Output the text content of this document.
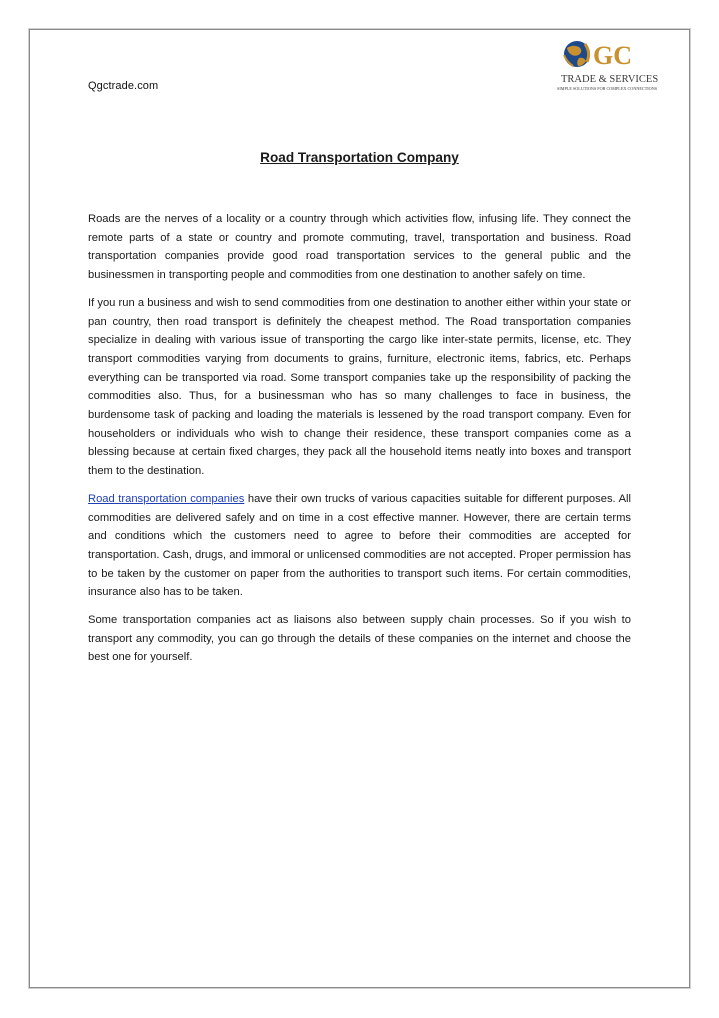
Qgctrade.com
GC
TRADE & SERVICES
SIMPLE SOLUTIONS FOR COMPLEX CONNECTIONS
Road Transportation Company

Roads are the nerves of a locality or a country through which activities flow, infusing life. They connect the remote parts of a state or country and promote commuting, travel, transportation and business. Road transportation companies provide good road transportation services to the general public and the businessmen in transporting people and commodities from one destination to another safely on time.

If you run a business and wish to send commodities from one destination to another either within your state or pan country, then road transport is definitely the cheapest method. The Road transportation companies specialize in dealing with various issue of transporting the cargo like inter-state permits, license, etc. They transport commodities varying from documents to grains, furniture, electronic items, fabrics, etc. Perhaps everything can be transported via road. Some transport companies take up the responsibility of packing the commodities also. Thus, for a businessman who has so many challenges to face in business, the burdensome task of packing and loading the materials is lessened by the road transport company. Even for householders or individuals who wish to change their residence, these transport companies come as a blessing because at certain fixed charges, they pack all the household items neatly into boxes and transport them to the destination.

Road transportation companies have their own trucks of various capacities suitable for different purposes. All commodities are delivered safely and on time in a cost effective manner. However, there are certain terms and conditions which the customers need to agree to before their commodities are accepted for transportation. Cash, drugs, and immoral or unlicensed commodities are not accepted. Proper permission has to be taken by the customer on paper from the authorities to transport such items. For certain commodities, insurance also has to be taken.

Some transportation companies act as liaisons also between supply chain processes. So if you wish to transport any commodity, you can go through the details of these companies on the internet and choose the best one for yourself.
